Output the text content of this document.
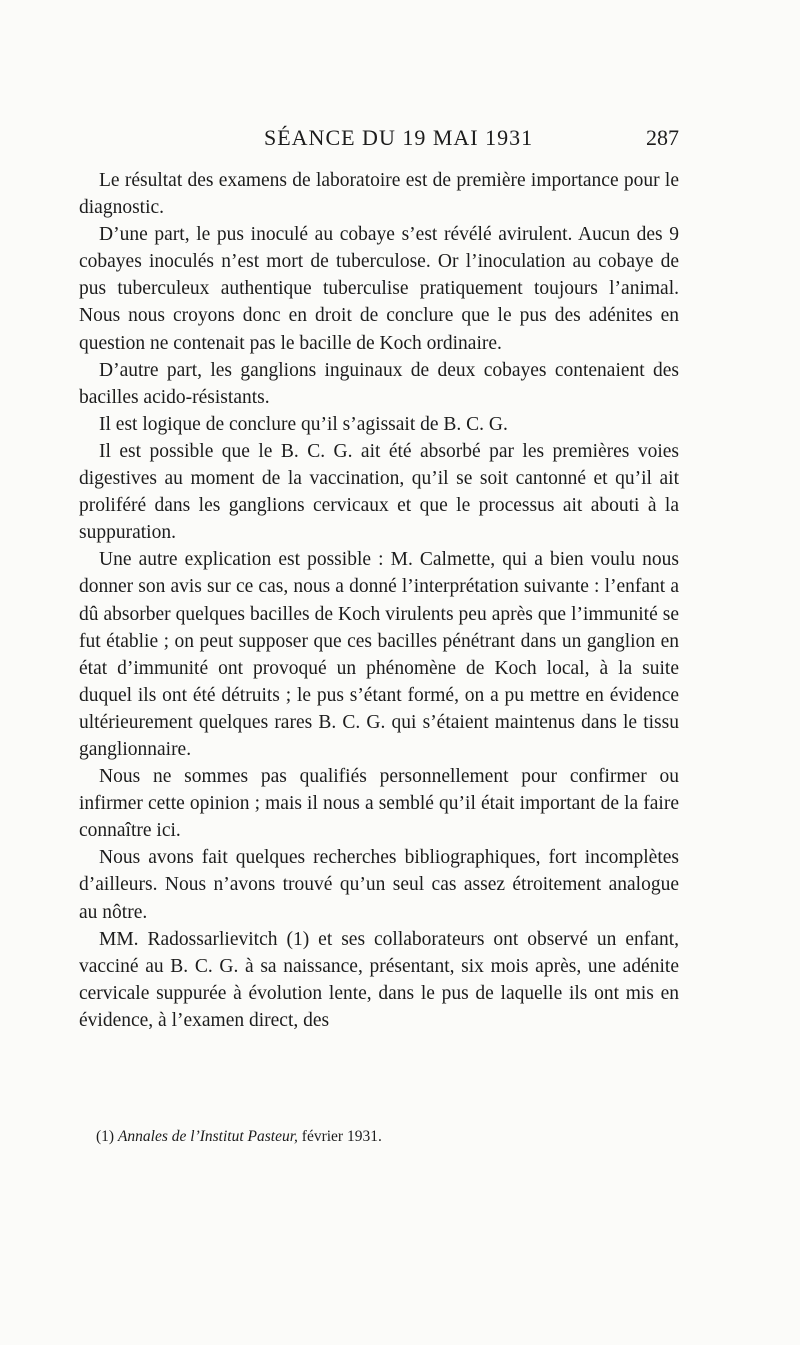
SÉANCE DU 19 MAI 1931	287

Le résultat des examens de laboratoire est de première importance pour le diagnostic.

D’une part, le pus inoculé au cobaye s’est révélé avirulent. Aucun des 9 cobayes inoculés n’est mort de tuberculose. Or l’inoculation au cobaye de pus tuberculeux authentique tuberculise pratiquement toujours l’animal. Nous nous croyons donc en droit de conclure que le pus des adénites en question ne contenait pas le bacille de Koch ordinaire.

D’autre part, les ganglions inguinaux de deux cobayes contenaient des bacilles acido-résistants.

Il est logique de conclure qu’il s’agissait de B. C. G.

Il est possible que le B. C. G. ait été absorbé par les premières voies digestives au moment de la vaccination, qu’il se soit cantonné et qu’il ait proliféré dans les ganglions cervicaux et que le processus ait abouti à la suppuration.

Une autre explication est possible : M. Calmette, qui a bien voulu nous donner son avis sur ce cas, nous a donné l’interprétation suivante : l’enfant a dû absorber quelques bacilles de Koch virulents peu après que l’immunité se fut établie ; on peut supposer que ces bacilles pénétrant dans un ganglion en état d’immunité ont provoqué un phénomène de Koch local, à la suite duquel ils ont été détruits ; le pus s’étant formé, on a pu mettre en évidence ultérieurement quelques rares B. C. G. qui s’étaient maintenus dans le tissu ganglionnaire.

Nous ne sommes pas qualifiés personnellement pour confirmer ou infirmer cette opinion ; mais il nous a semblé qu’il était important de la faire connaître ici.

Nous avons fait quelques recherches bibliographiques, fort incomplètes d’ailleurs. Nous n’avons trouvé qu’un seul cas assez étroitement analogue au nôtre.

MM. Radossarlievitch (1) et ses collaborateurs ont observé un enfant, vacciné au B. C. G. à sa naissance, présentant, six mois après, une adénite cervicale suppurée à évolution lente, dans le pus de laquelle ils ont mis en évidence, à l’examen direct, des

(1) Annales de l’Institut Pasteur, février 1931.
